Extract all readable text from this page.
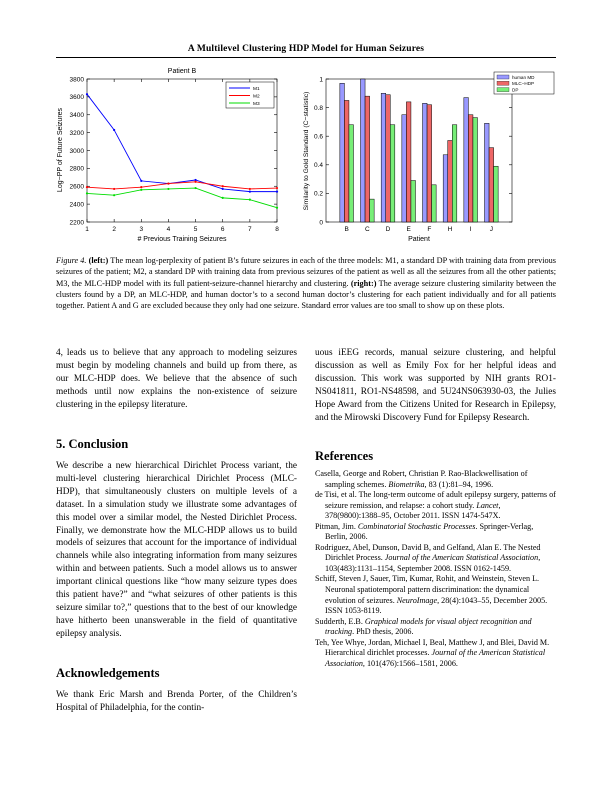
A Multilevel Clustering HDP Model for Human Seizures
Patient B
2200
2400
2600
2800
3000
3200
3400
3600
3800
1	2	3	4	5	6	7	8
M1
M2
M3
# Previous Training Seizures
Log−PP of Future Seizures
0
0.2
0.4
0.6
0.8
1
B C D E	F	H	I	J
human MD
MLC−HDP
DP
Patient
Similarity to Gold Standard (C−statistic)
Figure 4. (left:) The mean log-perplexity of patient B’s future seizures in each of the three models: M1, a standard DP with training data from previous seizures of the patient; M2, a standard DP with training data from previous seizures of the patient as well as all the seizures from all the other patients; M3, the MLC-HDP model with its full patient-seizure-channel hierarchy and clustering. (right:) The average seizure clustering similarity between the clusters found by a DP, an MLC-HDP, and human doctor’s to a second human doctor’s clustering for each patient individually and for all patients together. Patient A and G are excluded because they only had one seizure. Standard error values are too small to show up on these plots.

4, leads us to believe that any approach to modeling seizures must begin by modeling channels and build up from there, as our MLC-HDP does. We believe that the absence of such methods until now explains the non-existence of seizure clustering in the epilepsy literature.

5. Conclusion

We describe a new hierarchical Dirichlet Process variant, the multi-level clustering hierarchical Dirichlet Process (MLC-HDP), that simultaneously clusters on multiple levels of a dataset. In a simulation study we illustrate some advantages of this model over a similar model, the Nested Dirichlet Process. Finally, we demonstrate how the MLC-HDP allows us to build models of seizures that account for the importance of individual channels while also integrating information from many seizures within and between patients. Such a model allows us to answer important clinical questions like “how many seizure types does this patient have?” and “what seizures of other patients is this seizure similar to?,” questions that to the best of our knowledge have hitherto been unanswerable in the field of quantitative epilepsy analysis.

Acknowledgements

We thank Eric Marsh and Brenda Porter, of the Children’s Hospital of Philadelphia, for the contin-

uous iEEG records, manual seizure clustering, and helpful discussion as well as Emily Fox for her helpful ideas and discussion. This work was supported by NIH grants RO1-NS041811, RO1-NS48598, and 5U24NS063930-03, the Julies Hope Award from the Citizens United for Research in Epilepsy, and the Mirowski Discovery Fund for Epilepsy Research.

References

Casella, George and Robert, Christian P. Rao-Blackwellisation of sampling schemes. Biometrika, 83 (1):81–94, 1996.

de Tisi, et al. The long-term outcome of adult epilepsy surgery, patterns of seizure remission, and relapse: a cohort study. Lancet, 378(9800):1388–95, October 2011. ISSN 1474-547X.

Pitman, Jim. Combinatorial Stochastic Processes. Springer-Verlag, Berlin, 2006.

Rodriguez, Abel, Dunson, David B, and Gelfand, Alan E. The Nested Dirichlet Process. Journal of the American Statistical Association, 103(483):1131–1154, September 2008. ISSN 0162-1459.

Schiff, Steven J, Sauer, Tim, Kumar, Rohit, and Weinstein, Steven L. Neuronal spatiotemporal pattern discrimination: the dynamical evolution of seizures. NeuroImage, 28(4):1043–55, December 2005. ISSN 1053-8119.

Sudderth, E.B. Graphical models for visual object recognition and tracking. PhD thesis, 2006.

Teh, Yee Whye, Jordan, Michael I, Beal, Matthew J, and Blei, David M. Hierarchical dirichlet processes. Journal of the American Statistical Association, 101(476):1566–1581, 2006.
